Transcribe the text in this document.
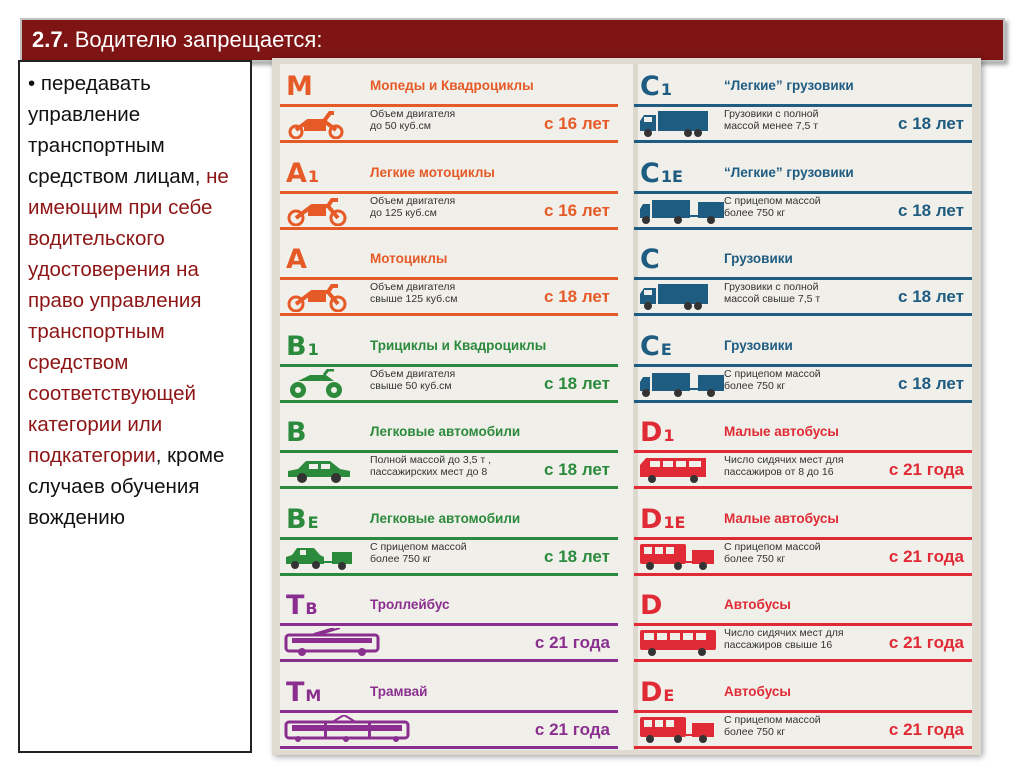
2.7. Водителю запрещается:
• передавать управление транспортным средством лицам, не имеющим при себе водительского удостоверения на право управления транспортным средством соответствующей категории или подкатегории, кроме случаев обучения вождению
M	Мопеды и Квадроциклы
Объем двигателя
до 50 куб.см	с 16 лет
A1	Легкие мотоциклы
Объем двигателя
до 125 куб.см	с 16 лет
A	Мотоциклы
Объем двигателя
свыше 125 куб.см	с 18 лет
B1	Трициклы и Квадроциклы
Объем двигателя
свыше 50 куб.см	с 18 лет
B	Легковые автомобили
Полной массой до 3,5 т ,
пассажирских мест до 8	с 18 лет
BE	Легковые автомобили
С прицепом массой
более 750 кг	с 18 лет
TB	Троллейбус
с 21 года
TM	Трамвай
с 21 года
C1	“Легкие” грузовики
Грузовики с полной
массой менее 7,5 т	с 18 лет
C1E	“Легкие” грузовики
С прицепом массой
более 750 кг	с 18 лет
C	Грузовики
Грузовики с полной
массой свыше 7,5 т	с 18 лет
CE	Грузовики
С прицепом массой
более 750 кг	с 18 лет
D1	Малые автобусы
Число сидячих мест для
пассажиров от 8 до 16	с 21 года
D1E	Малые автобусы
С прицепом массой
более 750 кг	с 21 года
D	Автобусы
Число сидячих мест для
пассажиров свыше 16	с 21 года
DE	Автобусы
С прицепом массой
более 750 кг	с 21 года
